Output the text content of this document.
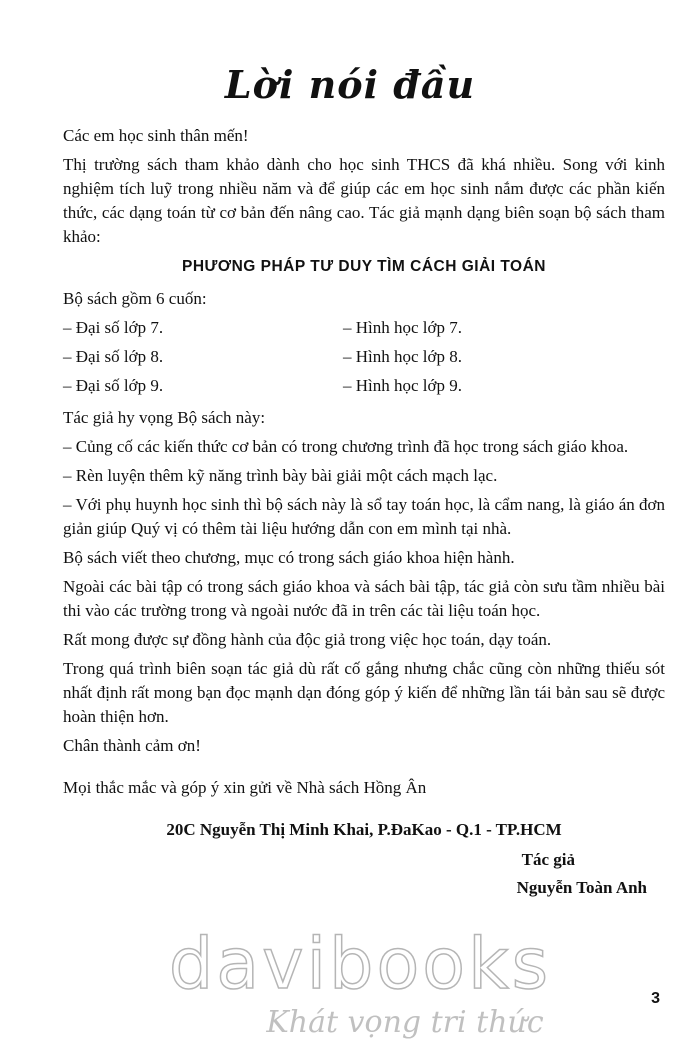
Lời nói đầu

Các em học sinh thân mến!

Thị trường sách tham khảo dành cho học sinh THCS đã khá nhiều. Song với kinh nghiệm tích luỹ trong nhiều năm và để giúp các em học sinh nắm được các phần kiến thức, các dạng toán từ cơ bản đến nâng cao. Tác giả mạnh dạng biên soạn bộ sách tham khảo:

PHƯƠNG PHÁP TƯ DUY TÌM CÁCH GIẢI TOÁN

Bộ sách gồm 6 cuốn:

– Đại số lớp 7.	– Hình học lớp 7.
– Đại số lớp 8.	– Hình học lớp 8.
– Đại số lớp 9.	– Hình học lớp 9.

Tác giả hy vọng Bộ sách này:

– Củng cố các kiến thức cơ bản có trong chương trình đã học trong sách giáo khoa.

– Rèn luyện thêm kỹ năng trình bày bài giải một cách mạch lạc.

– Với phụ huynh học sinh thì bộ sách này là sổ tay toán học, là cẩm nang, là giáo án đơn giản giúp Quý vị có thêm tài liệu hướng dẫn con em mình tại nhà.

Bộ sách viết theo chương, mục có trong sách giáo khoa hiện hành.

Ngoài các bài tập có trong sách giáo khoa và sách bài tập, tác giả còn sưu tầm nhiều bài thi vào các trường trong và ngoài nước đã in trên các tài liệu toán học.

Rất mong được sự đồng hành của độc giả trong việc học toán, dạy toán.

Trong quá trình biên soạn tác giả dù rất cố gắng nhưng chắc cũng còn những thiếu sót nhất định rất mong bạn đọc mạnh dạn đóng góp ý kiến để những lần tái bản sau sẽ được hoàn thiện hơn.

Chân thành cảm ơn!

Mọi thắc mắc và góp ý xin gửi về Nhà sách Hồng Ân

20C Nguyễn Thị Minh Khai, P.ĐaKao - Q.1 - TP.HCM
Tác giả
Nguyễn Toàn Anh
davibooks
Khát vọng tri thức
3
